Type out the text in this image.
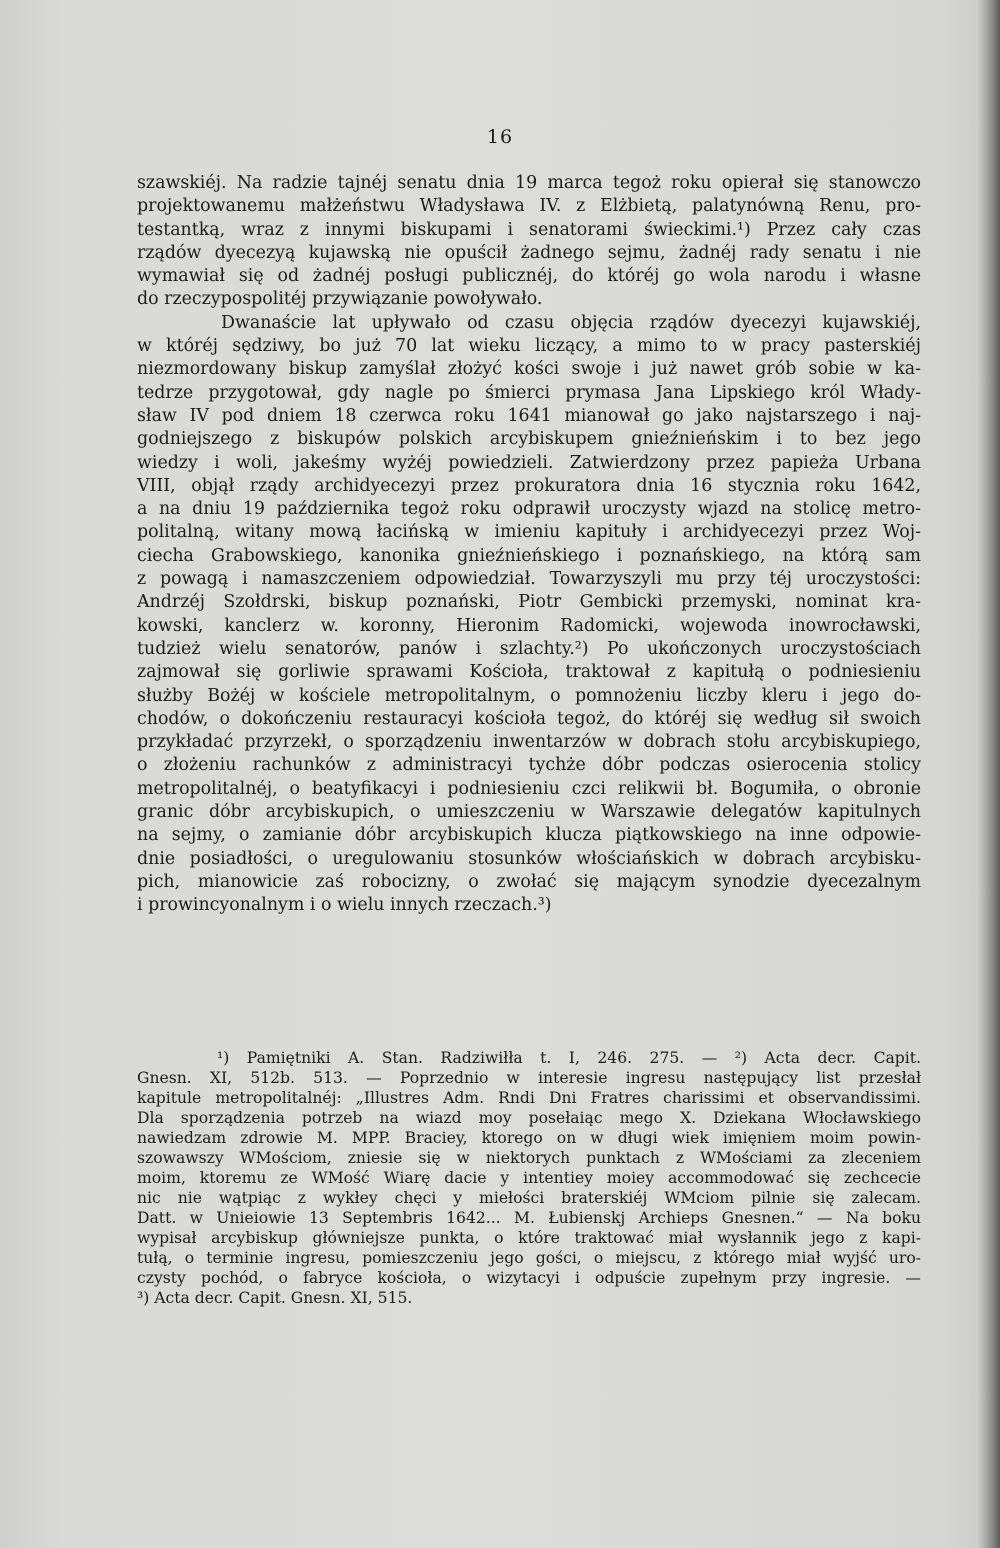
16
szawskiéj. Na radzie tajnéj senatu dnia 19 marca tegoż roku opierał się stanowczo
projektowanemu małżeństwu Władysława IV. z Elżbietą, palatynówną Renu, pro-
testantką, wraz z innymi biskupami i senatorami świeckimi.¹) Przez cały czas
rządów dyecezyą kujawską nie opuścił żadnego sejmu, żadnéj rady senatu i nie
wymawiał się od żadnéj posługi publicznéj, do któréj go wola narodu i własne
do rzeczypospolitéj przywiązanie powoływało.
Dwanaście lat upływało od czasu objęcia rządów dyecezyi kujawskiéj,
w któréj sędziwy, bo już 70 lat wieku liczący, a mimo to w pracy pasterskiéj
niezmordowany biskup zamyślał złożyć kości swoje i już nawet grób sobie w ka-
tedrze przygotował, gdy nagle po śmierci prymasa Jana Lipskiego król Włady-
sław IV pod dniem 18 czerwca roku 1641 mianował go jako najstarszego i naj-
godniejszego z biskupów polskich arcybiskupem gnieźnieńskim i to bez jego
wiedzy i woli, jakeśmy wyżéj powiedzieli. Zatwierdzony przez papieża Urbana
VIII, objął rządy archidyecezyi przez prokuratora dnia 16 stycznia roku 1642,
a na dniu 19 października tegoż roku odprawił uroczysty wjazd na stolicę metro-
politalną, witany mową łacińską w imieniu kapituły i archidyecezyi przez Woj-
ciecha Grabowskiego, kanonika gnieźnieńskiego i poznańskiego, na którą sam
z powagą i namaszczeniem odpowiedział. Towarzyszyli mu przy téj uroczystości:
Andrzéj Szołdrski, biskup poznański, Piotr Gembicki przemyski, nominat kra-
kowski, kanclerz w. koronny, Hieronim Radomicki, wojewoda inowrocławski,
tudzież wielu senatorów, panów i szlachty.²) Po ukończonych uroczystościach
zajmował się gorliwie sprawami Kościoła, traktował z kapitułą o podniesieniu
służby Bożéj w kościele metropolitalnym, o pomnożeniu liczby kleru i jego do-
chodów, o dokończeniu restauracyi kościoła tegoż, do któréj się według sił swoich
przykładać przyrzekł, o sporządzeniu inwentarzów w dobrach stołu arcybiskupiego,
o złożeniu rachunków z administracyi tychże dóbr podczas osierocenia stolicy
metropolitalnéj, o beatyfikacyi i podniesieniu czci relikwii bł. Bogumiła, o obronie
granic dóbr arcybiskupich, o umieszczeniu w Warszawie delegatów kapitulnych
na sejmy, o zamianie dóbr arcybiskupich klucza piątkowskiego na inne odpowie-
dnie posiadłości, o uregulowaniu stosunków włościańskich w dobrach arcybisku-
pich, mianowicie zaś robocizny, o zwołać się mającym synodzie dyecezalnym
i prowincyonalnym i o wielu innych rzeczach.³)
¹) Pamiętniki A. Stan. Radziwiłła t. I, 246. 275. — ²) Acta decr. Capit.
Gnesn. XI, 512b. 513. — Poprzednio w interesie ingresu następujący list przesłał
kapitule metropolitalnéj: „Illustres Adm. Rndi Dni Fratres charissimi et observandissimi.
Dla sporządzenia potrzeb na wiazd moy posełaiąc mego X. Dziekana Włocławskiego
nawiedzam zdrowie M. MPP. Braciey, ktorego on w długi wiek imięniem moim powin-
szowawszy WMościom, zniesie się w niektorych punktach z WMościami za zleceniem
moim, ktoremu ze WMość Wiarę dacie y intentiey moiey accommodować się zechcecie
nic nie wątpiąc z wykłey chęci y miełości braterskiéj WMciom pilnie się zalecam.
Datt. w Unieiowie 13 Septembris 1642... M. Łubienskj Archieps Gnesnen.“ — Na boku
wypisał arcybiskup główniejsze punkta, o które traktować miał wysłannik jego z kapi-
tułą, o terminie ingresu, pomieszczeniu jego gości, o miejscu, z którego miał wyjść uro-
czysty pochód, o fabryce kościoła, o wizytacyi i odpuście zupełnym przy ingresie. —
³) Acta decr. Capit. Gnesn. XI, 515.
